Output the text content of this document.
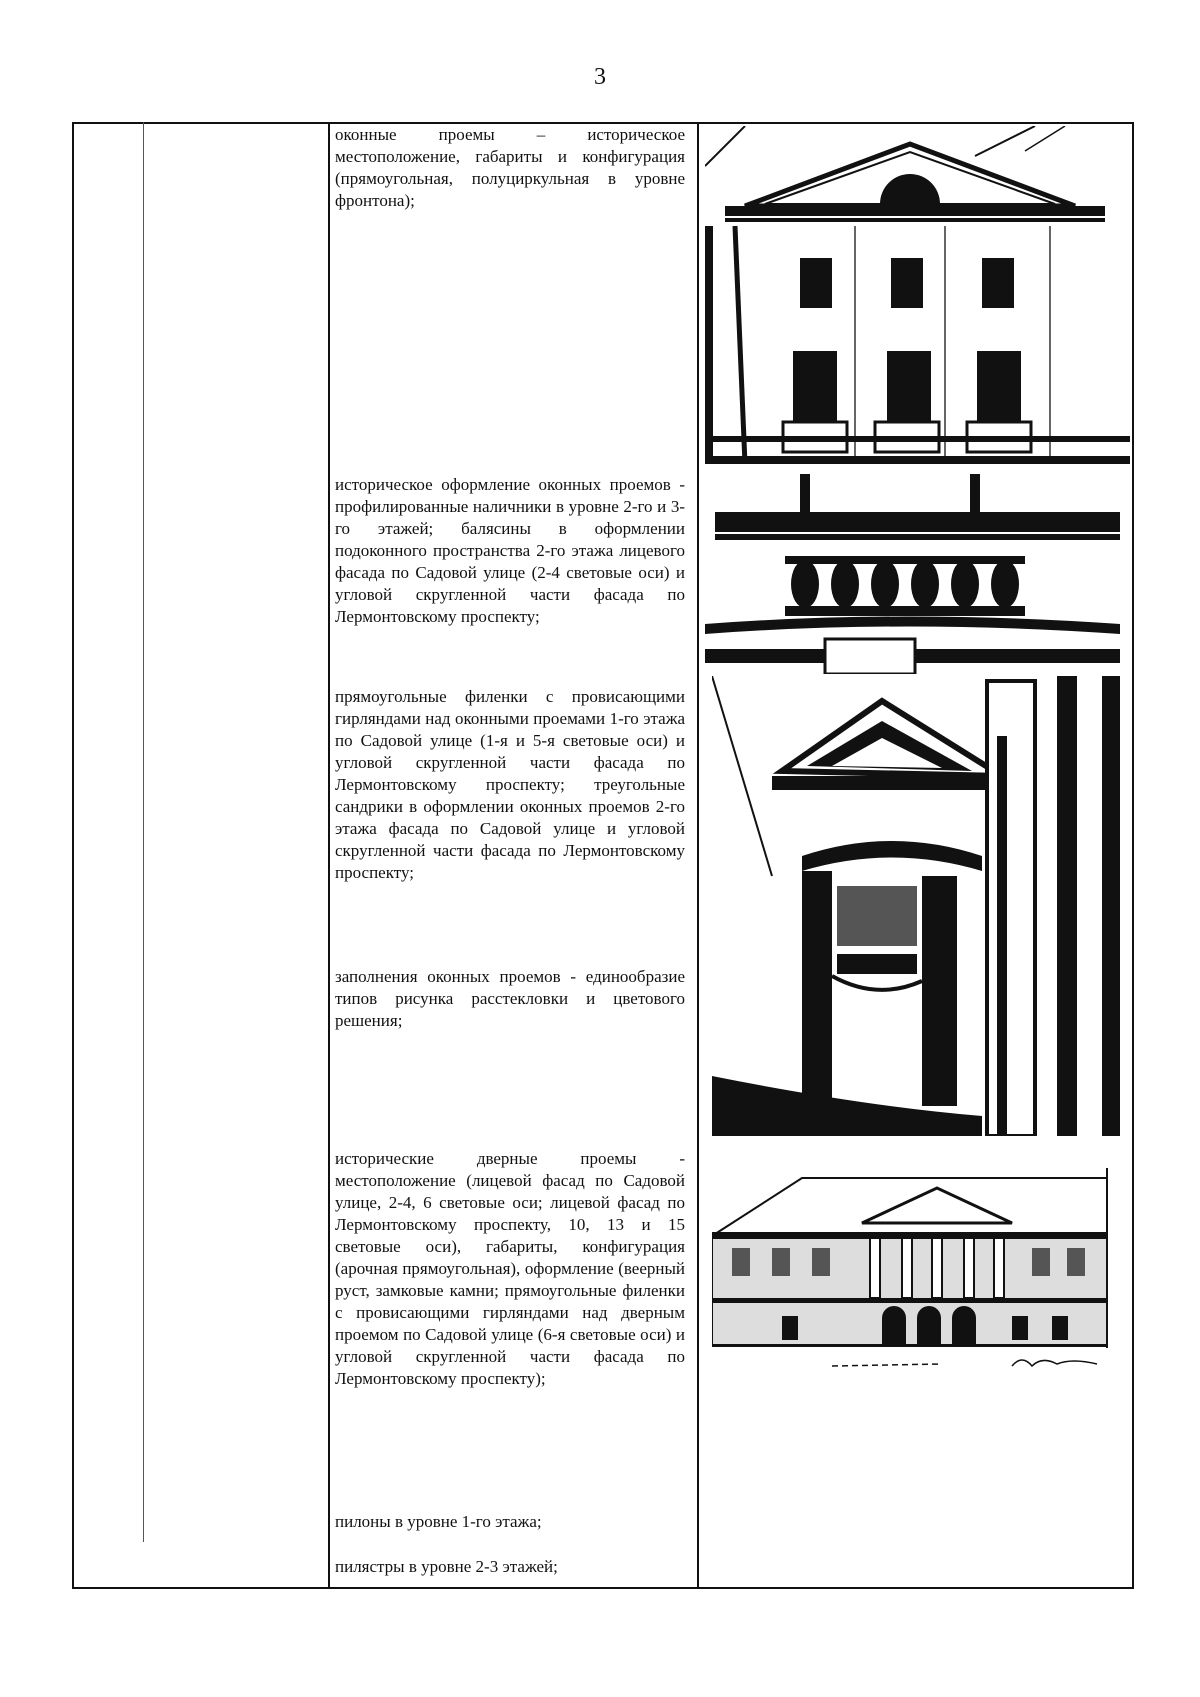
3
оконные проемы – историческое местоположение, габариты и конфигурация (прямоугольная, полуциркульная в уровне фронтона);
историческое оформление оконных проемов - профилированные наличники в уровне 2-го и 3-го этажей; балясины в оформлении подоконного пространства 2-го этажа лицевого фасада по Садовой улице (2-4 световые оси) и угловой скругленной части фасада по Лермонтовскому проспекту;
прямоугольные филенки с провисающими гирляндами над оконными проемами 1-го этажа по Садовой улице (1-я и 5-я световые оси) и угловой скругленной части фасада по Лермонтовскому проспекту; треугольные сандрики в оформлении оконных проемов 2-го этажа фасада по Садовой улице и угловой скругленной части фасада по Лермонтовскому проспекту;
заполнения оконных проемов - единообразие типов рисунка расстекловки и цветового решения;
исторические дверные проемы - местоположение (лицевой фасад по Садовой улице, 2-4, 6 световые оси; лицевой фасад по Лермонтовскому проспекту, 10, 13 и 15 световые оси), габариты, конфигурация (арочная прямоугольная), оформление (веерный руст, замковые камни; прямоугольные филенки с провисающими гирляндами над дверным проемом по Садовой улице (6-я световые оси) и угловой скругленной части фасада по Лермонтовскому проспекту);
пилоны в уровне 1-го этажа;
пилястры в уровне 2-3 этажей;
